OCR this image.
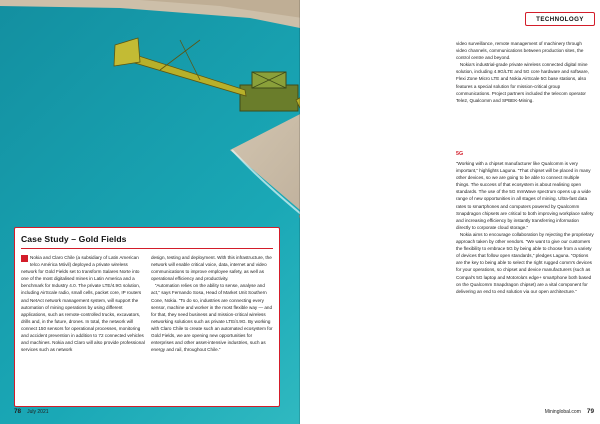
Case Study – Gold Fields
Nokia and Claro Chile (a subsidiary of Latin American telco América Móvil) deployed a private wireless network for Gold Fields set to transform Salares Norte into one of the most digitalised mines in Latin America and a benchmark for Industry 4.0. The private LTE/4.9G solution, including AirScale radio, small cells, packet core, IP routers and NetAct network management system, will support the automation of mining operations by using different applications, such as remote-controlled trucks, excavators, drills and, in the future, drones. In total, the network will connect 150 sensors for operational processes, monitoring and accident prevention in addition to 72 connected vehicles and machines. Nokia and Claro will also provide professional services such as network
design, testing and deployment. With this infrastructure, the network will enable critical voice, data, internet and video communications to improve employee safety, as well as operational efficiency and productivity.
“Automation relies on the ability to sense, analyse and act,” says Fernando Sosa, Head of Market Unit Southern Cone, Nokia. “To do so, industries are connecting every sensor, machine and worker in the most flexible way — and for that, they need business and mission-critical wireless networking solutions such as private LTE/4.9G. By working with Claro Chile to create such an automated ecosystem for Gold Fields, we are opening new opportunities for enterprises and other asset-intensive industries, such as energy and rail, throughout Chile.”
78 July 2021
TECHNOLOGY
video surveillance, remote management of machinery through video channels, communications between production sites, the control centre and beyond.
Nokia's industrial-grade private wireless connected digital mine solution, including 4.9G/LTE and 5G core hardware and software, Flexi Zone Micro LTE and Nokia AirScale 5G base stations, also features a special solution for mission-critical group communications. Project partners included the telecom operator Tele2, Qualcomm and SPBEK-Mining.
5G
“Working with a chipset manufacturer like Qualcomm is very important,” highlights Laguna. “That chipset will be placed in many other devices, so we are going to be able to connect multiple things. The success of that ecosystem is about realising open standards. The use of the 5G mmWave spectrum opens up a wide range of new opportunities in all stages of mining. Ultra-fast data rates to smartphones and computers powered by Qualcomm Snapdragon chipsets are critical to both improving workplace safety and increasing efficiency by instantly transferring information directly to corporate cloud storage.”
Nokia aims to encourage collaboration by rejecting the proprietary approach taken by other vendors. “We want to give our customers the flexibility to embrace 5G by being able to choose from a variety of devices that follow open standards,” pledges Laguna. “Options are the key to being able to select the right rugged comm's devices for your operations, so chipset and device manufacturers (such as Compal's 5G laptop and Motorola's edge+ smartphone both based on the Qualcomm Snapdragon chipset) are a vital component for delivering an end to end solution via our open architecture.”
Mininglobal.com 79
